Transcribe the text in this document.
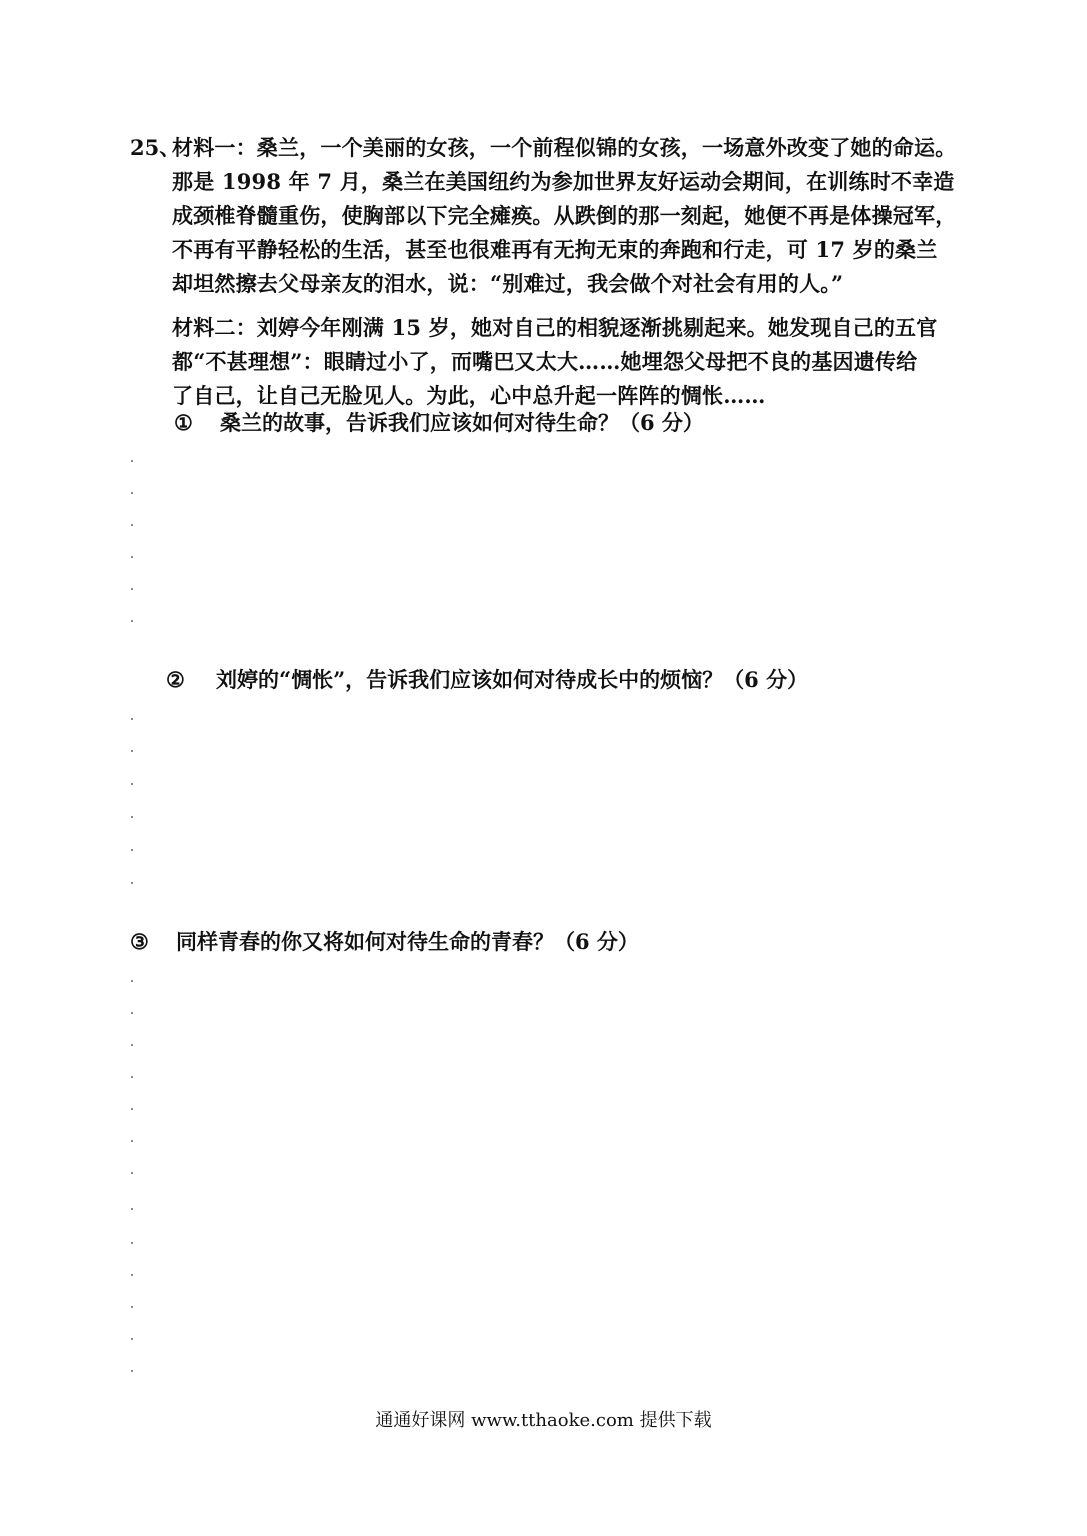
25、
材料一：桑兰，一个美丽的女孩，一个前程似锦的女孩，一场意外改变了她的命运。
那是 1998 年 7 月，桑兰在美国纽约为参加世界友好运动会期间，在训练时不幸造
成颈椎脊髓重伤，使胸部以下完全瘫痪。从跌倒的那一刻起，她便不再是体操冠军，
不再有平静轻松的生活，甚至也很难再有无拘无束的奔跑和行走，可 17 岁的桑兰
却坦然擦去父母亲友的泪水，说：“别难过，我会做个对社会有用的人。”
材料二：刘婷今年刚满 15 岁，她对自己的相貌逐渐挑剔起来。她发现自己的五官
都“不甚理想”：眼睛过小了，而嘴巴又太大……她埋怨父母把不良的基因遗传给
了自己，让自己无脸见人。为此，心中总升起一阵阵的惆怅……
① 桑兰的故事，告诉我们应该如何对待生命？（6 分）
② 刘婷的“惆怅”，告诉我们应该如何对待成长中的烦恼？（6 分）
③ 同样青春的你又将如何对待生命的青春？（6 分）
通通好课网 www.tthaoke.com 提供下载
